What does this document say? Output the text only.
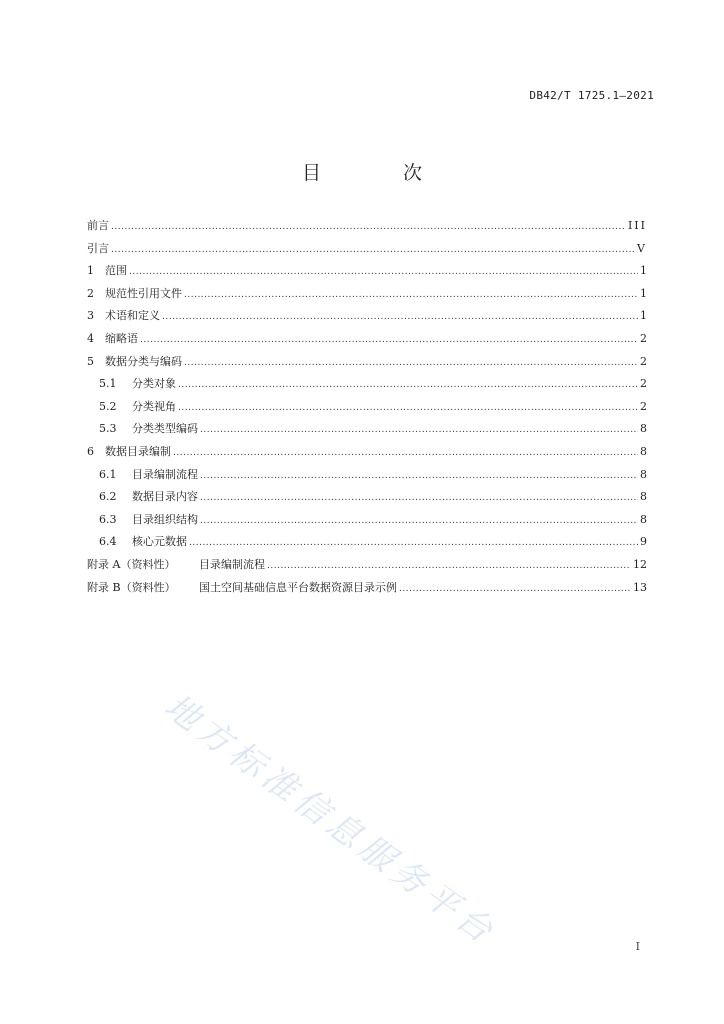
DB42/T 1725.1—2021
目 次
前言 .....	III
引言 .....	V
1	范围 .....	1
2	规范性引用文件 .....	1
3	术语和定义 .....	1
4	缩略语 .....	2
5	数据分类与编码 .....	2
5.1	分类对象 .....	2
5.2	分类视角 .....	2
5.3	分类类型编码 .....	8
6	数据目录编制 .....	8
6.1	目录编制流程 .....	8
6.2	数据目录内容 .....	8
6.3	目录组织结构 .....	8
6.4	核心元数据 .....	9
附录 A（资料性）	目录编制流程 .....	12
附录 B（资料性）	国土空间基础信息平台数据资源目录示例 .....	13
地方标准信息服务平台	I
